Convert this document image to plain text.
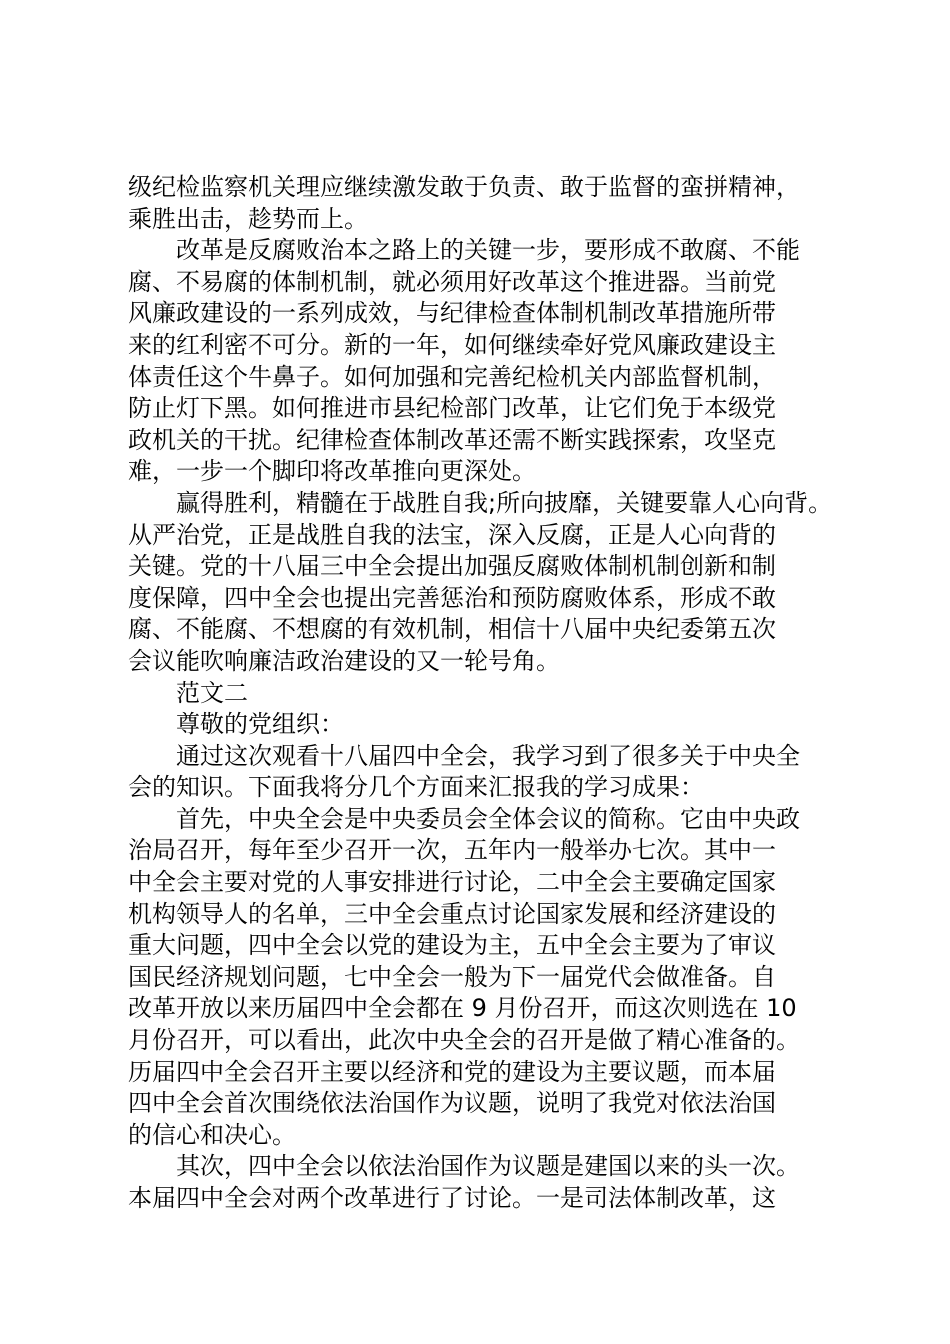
级纪检监察机关理应继续激发敢于负责、敢于监督的蛮拼精神，
乘胜出击，趁势而上。
　　改革是反腐败治本之路上的关键一步，要形成不敢腐、不能
腐、不易腐的体制机制，就必须用好改革这个推进器。当前党
风廉政建设的一系列成效，与纪律检查体制机制改革措施所带
来的红利密不可分。新的一年，如何继续牵好党风廉政建设主
体责任这个牛鼻子。如何加强和完善纪检机关内部监督机制，
防止灯下黑。如何推进市县纪检部门改革，让它们免于本级党
政机关的干扰。纪律检查体制改革还需不断实践探索，攻坚克
难，一步一个脚印将改革推向更深处。
　　赢得胜利，精髓在于战胜自我;所向披靡，关键要靠人心向背。
从严治党，正是战胜自我的法宝，深入反腐，正是人心向背的
关键。党的十八届三中全会提出加强反腐败体制机制创新和制
度保障，四中全会也提出完善惩治和预防腐败体系，形成不敢
腐、不能腐、不想腐的有效机制，相信十八届中央纪委第五次
会议能吹响廉洁政治建设的又一轮号角。
　　范文二
　　尊敬的党组织：
　　通过这次观看十八届四中全会，我学习到了很多关于中央全
会的知识。下面我将分几个方面来汇报我的学习成果：
　　首先，中央全会是中央委员会全体会议的简称。它由中央政
治局召开，每年至少召开一次，五年内一般举办七次。其中一
中全会主要对党的人事安排进行讨论，二中全会主要确定国家
机构领导人的名单，三中全会重点讨论国家发展和经济建设的
重大问题，四中全会以党的建设为主，五中全会主要为了审议
国民经济规划问题，七中全会一般为下一届党代会做准备。自
改革开放以来历届四中全会都在 9 月份召开，而这次则选在 10
月份召开，可以看出，此次中央全会的召开是做了精心准备的。
历届四中全会召开主要以经济和党的建设为主要议题，而本届
四中全会首次围绕依法治国作为议题，说明了我党对依法治国
的信心和决心。
　　其次，四中全会以依法治国作为议题是建国以来的头一次。
本届四中全会对两个改革进行了讨论。一是司法体制改革，这
